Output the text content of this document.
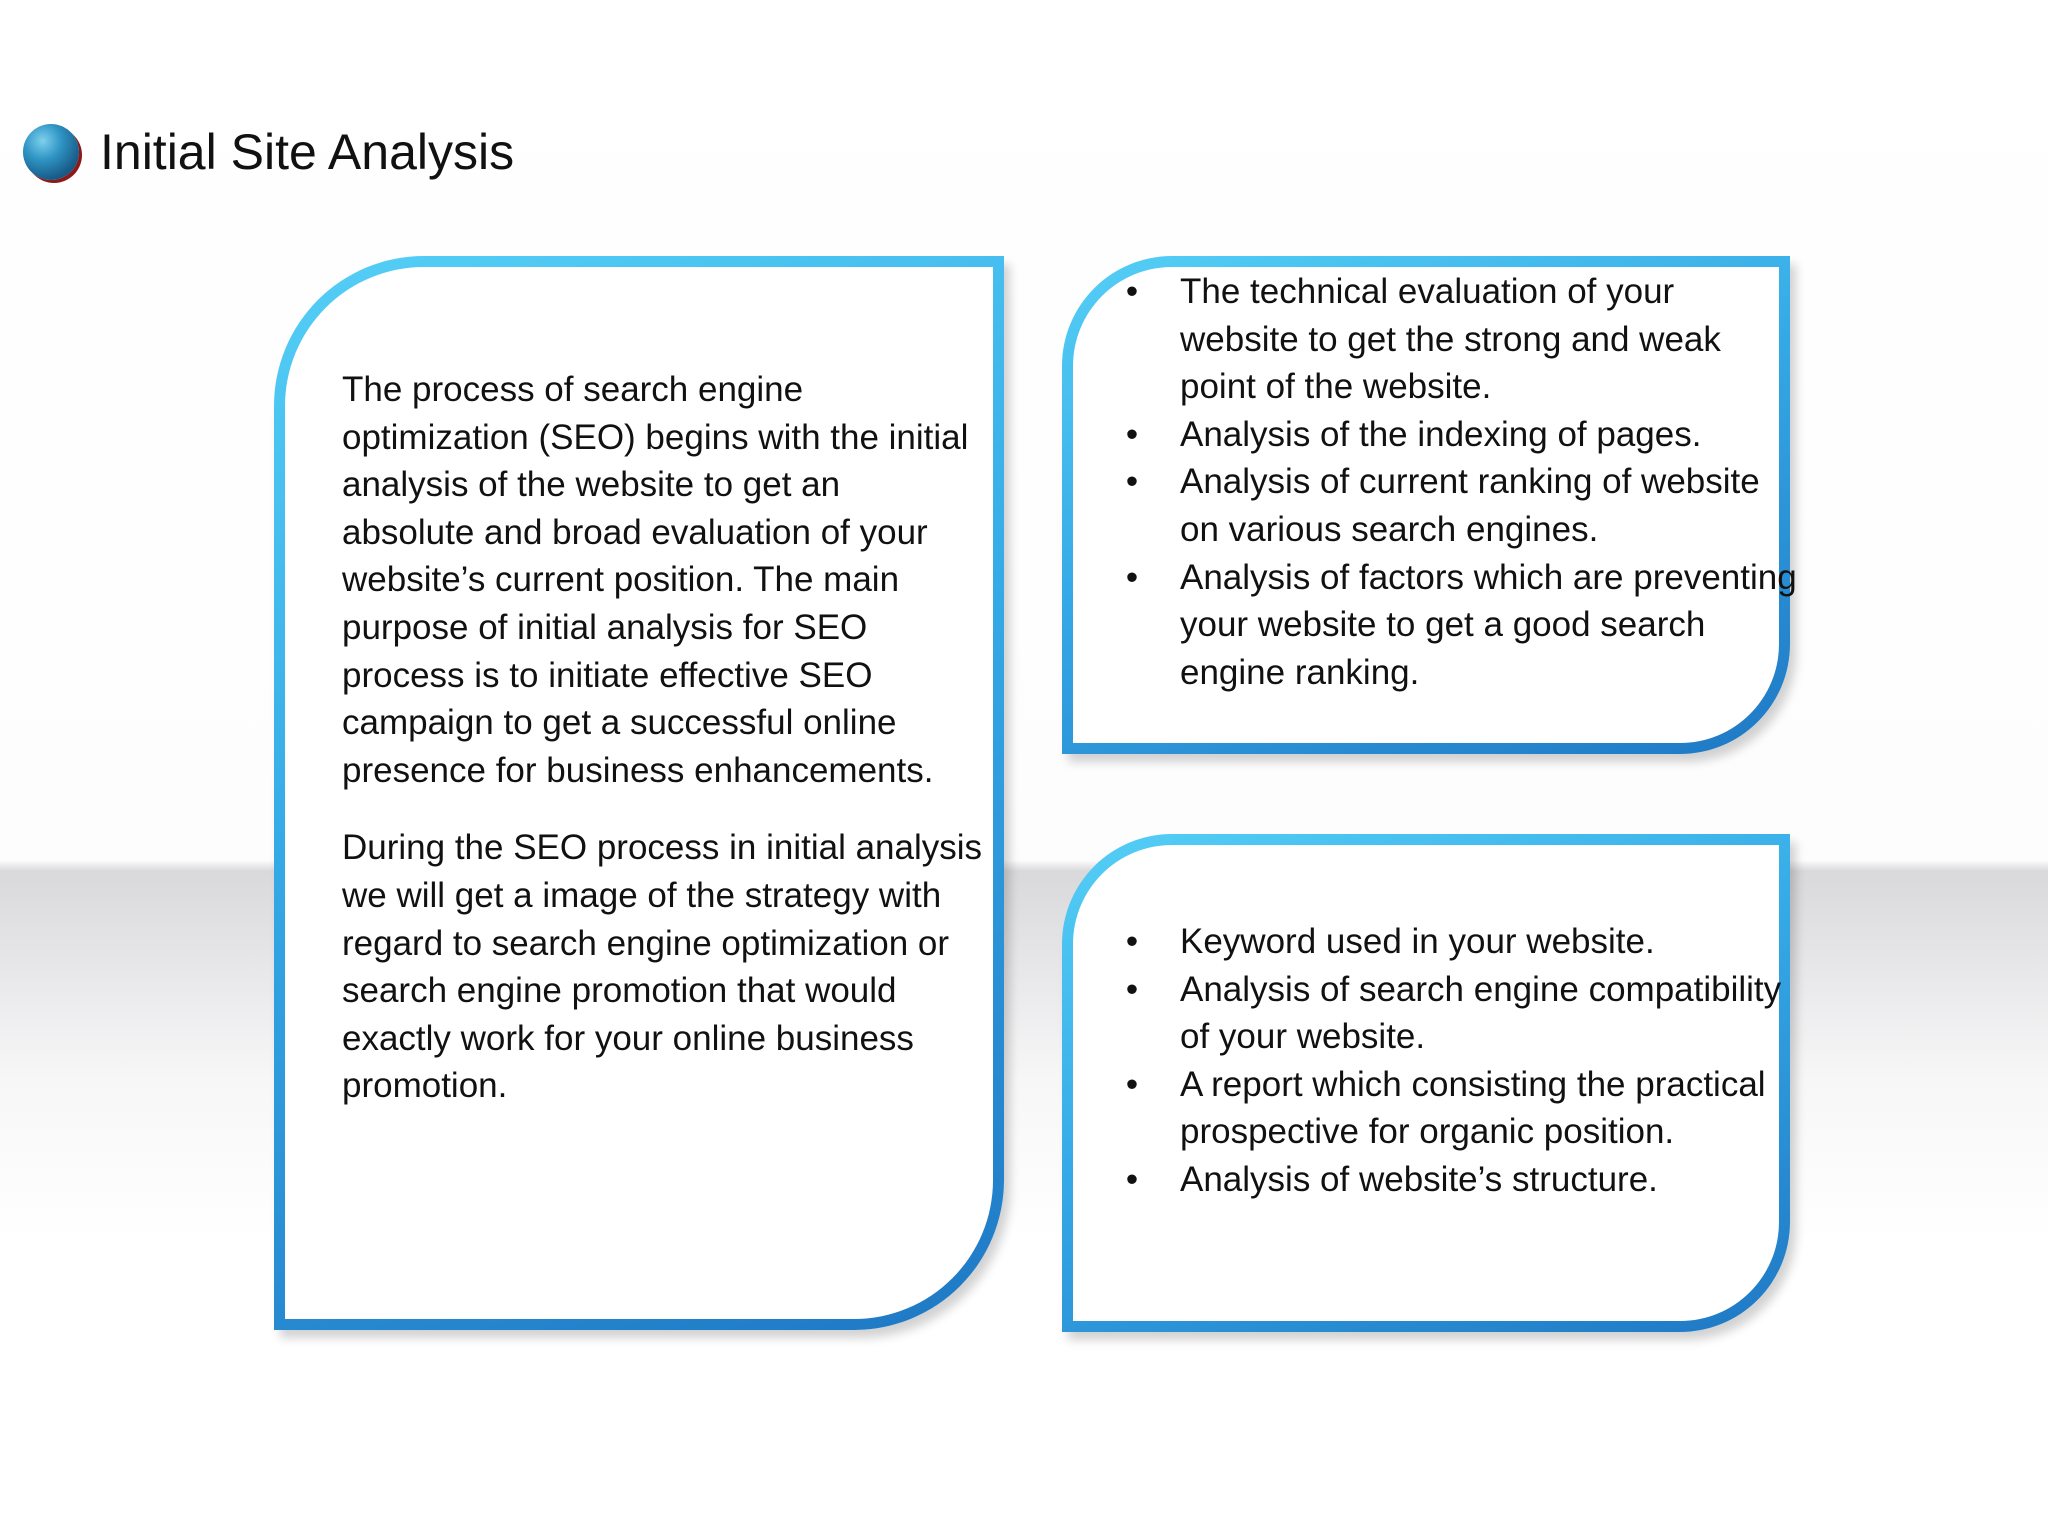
Initial Site Analysis

The process of search engine optimization (SEO) begins with the initial analysis of the website to get an absolute and broad evaluation of your website’s current position. The main purpose of initial analysis for SEO process is to initiate effective SEO campaign to get a successful online presence for business enhancements.

During the SEO process in initial analysis we will get a image of the strategy with regard to search engine optimization or search engine promotion that would exactly work for your online business promotion.

• The technical evaluation of your website to get the strong and weak point of the website.
• Analysis of the indexing of pages.
• Analysis of current ranking of website on various search engines.
• Analysis of factors which are preventing your website to get a good search engine ranking.
• Keyword used in your website.
• Analysis of search engine compatibility of your website.
• A report which consisting the practical prospective for organic position.
• Analysis of website’s structure.
